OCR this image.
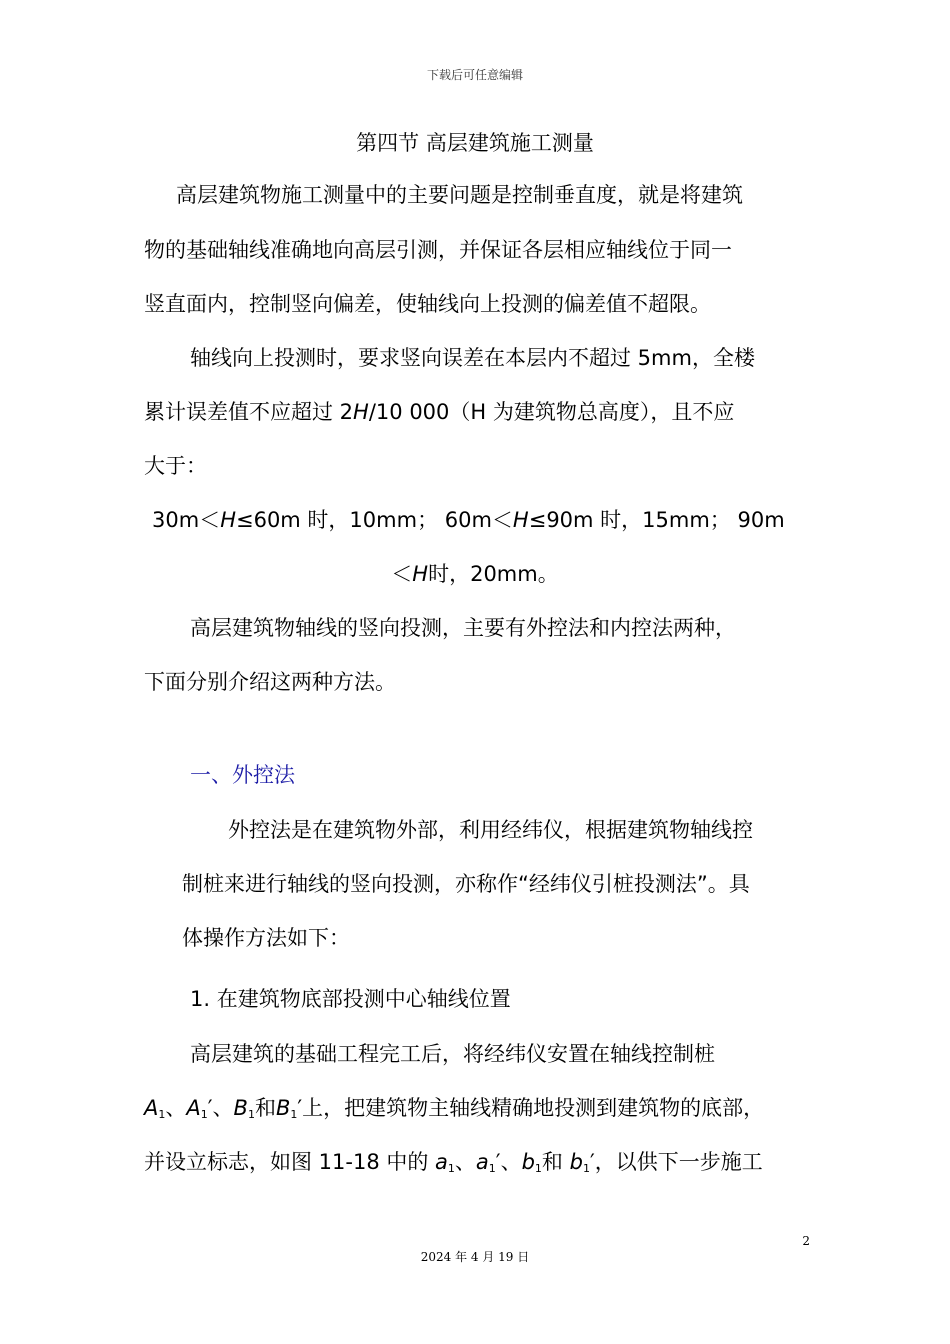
下载后可任意编辑
第四节 高层建筑施工测量
高层建筑物施工测量中的主要问题是控制垂直度，就是将建筑
物的基础轴线准确地向高层引测，并保证各层相应轴线位于同一
竖直面内，控制竖向偏差，使轴线向上投测的偏差值不超限。
轴线向上投测时，要求竖向误差在本层内不超过 5mm，全楼
累计误差值不应超过 2H/10 000（H 为建筑物总高度），且不应
大于：
30m＜H≤60m 时，10mm； 60m＜H≤90m 时，15mm； 90m
＜H时，20mm。
高层建筑物轴线的竖向投测，主要有外控法和内控法两种，
下面分别介绍这两种方法。
一、外控法
外控法是在建筑物外部，利用经纬仪，根据建筑物轴线控
制桩来进行轴线的竖向投测，亦称作“经纬仪引桩投测法”。具
体操作方法如下：
1. 在建筑物底部投测中心轴线位置
高层建筑的基础工程完工后，将经纬仪安置在轴线控制桩
$A_1$、$A_1'$、$B_1$和$B_1'$上，把建筑物主轴线精确地投测到建筑物的底部，
并设立标志，如图 11-18 中的 $a_1$、$a_1'$、$b_1$和 $b_1'$，以供下一步施工
2
2024 年 4 月 19 日
